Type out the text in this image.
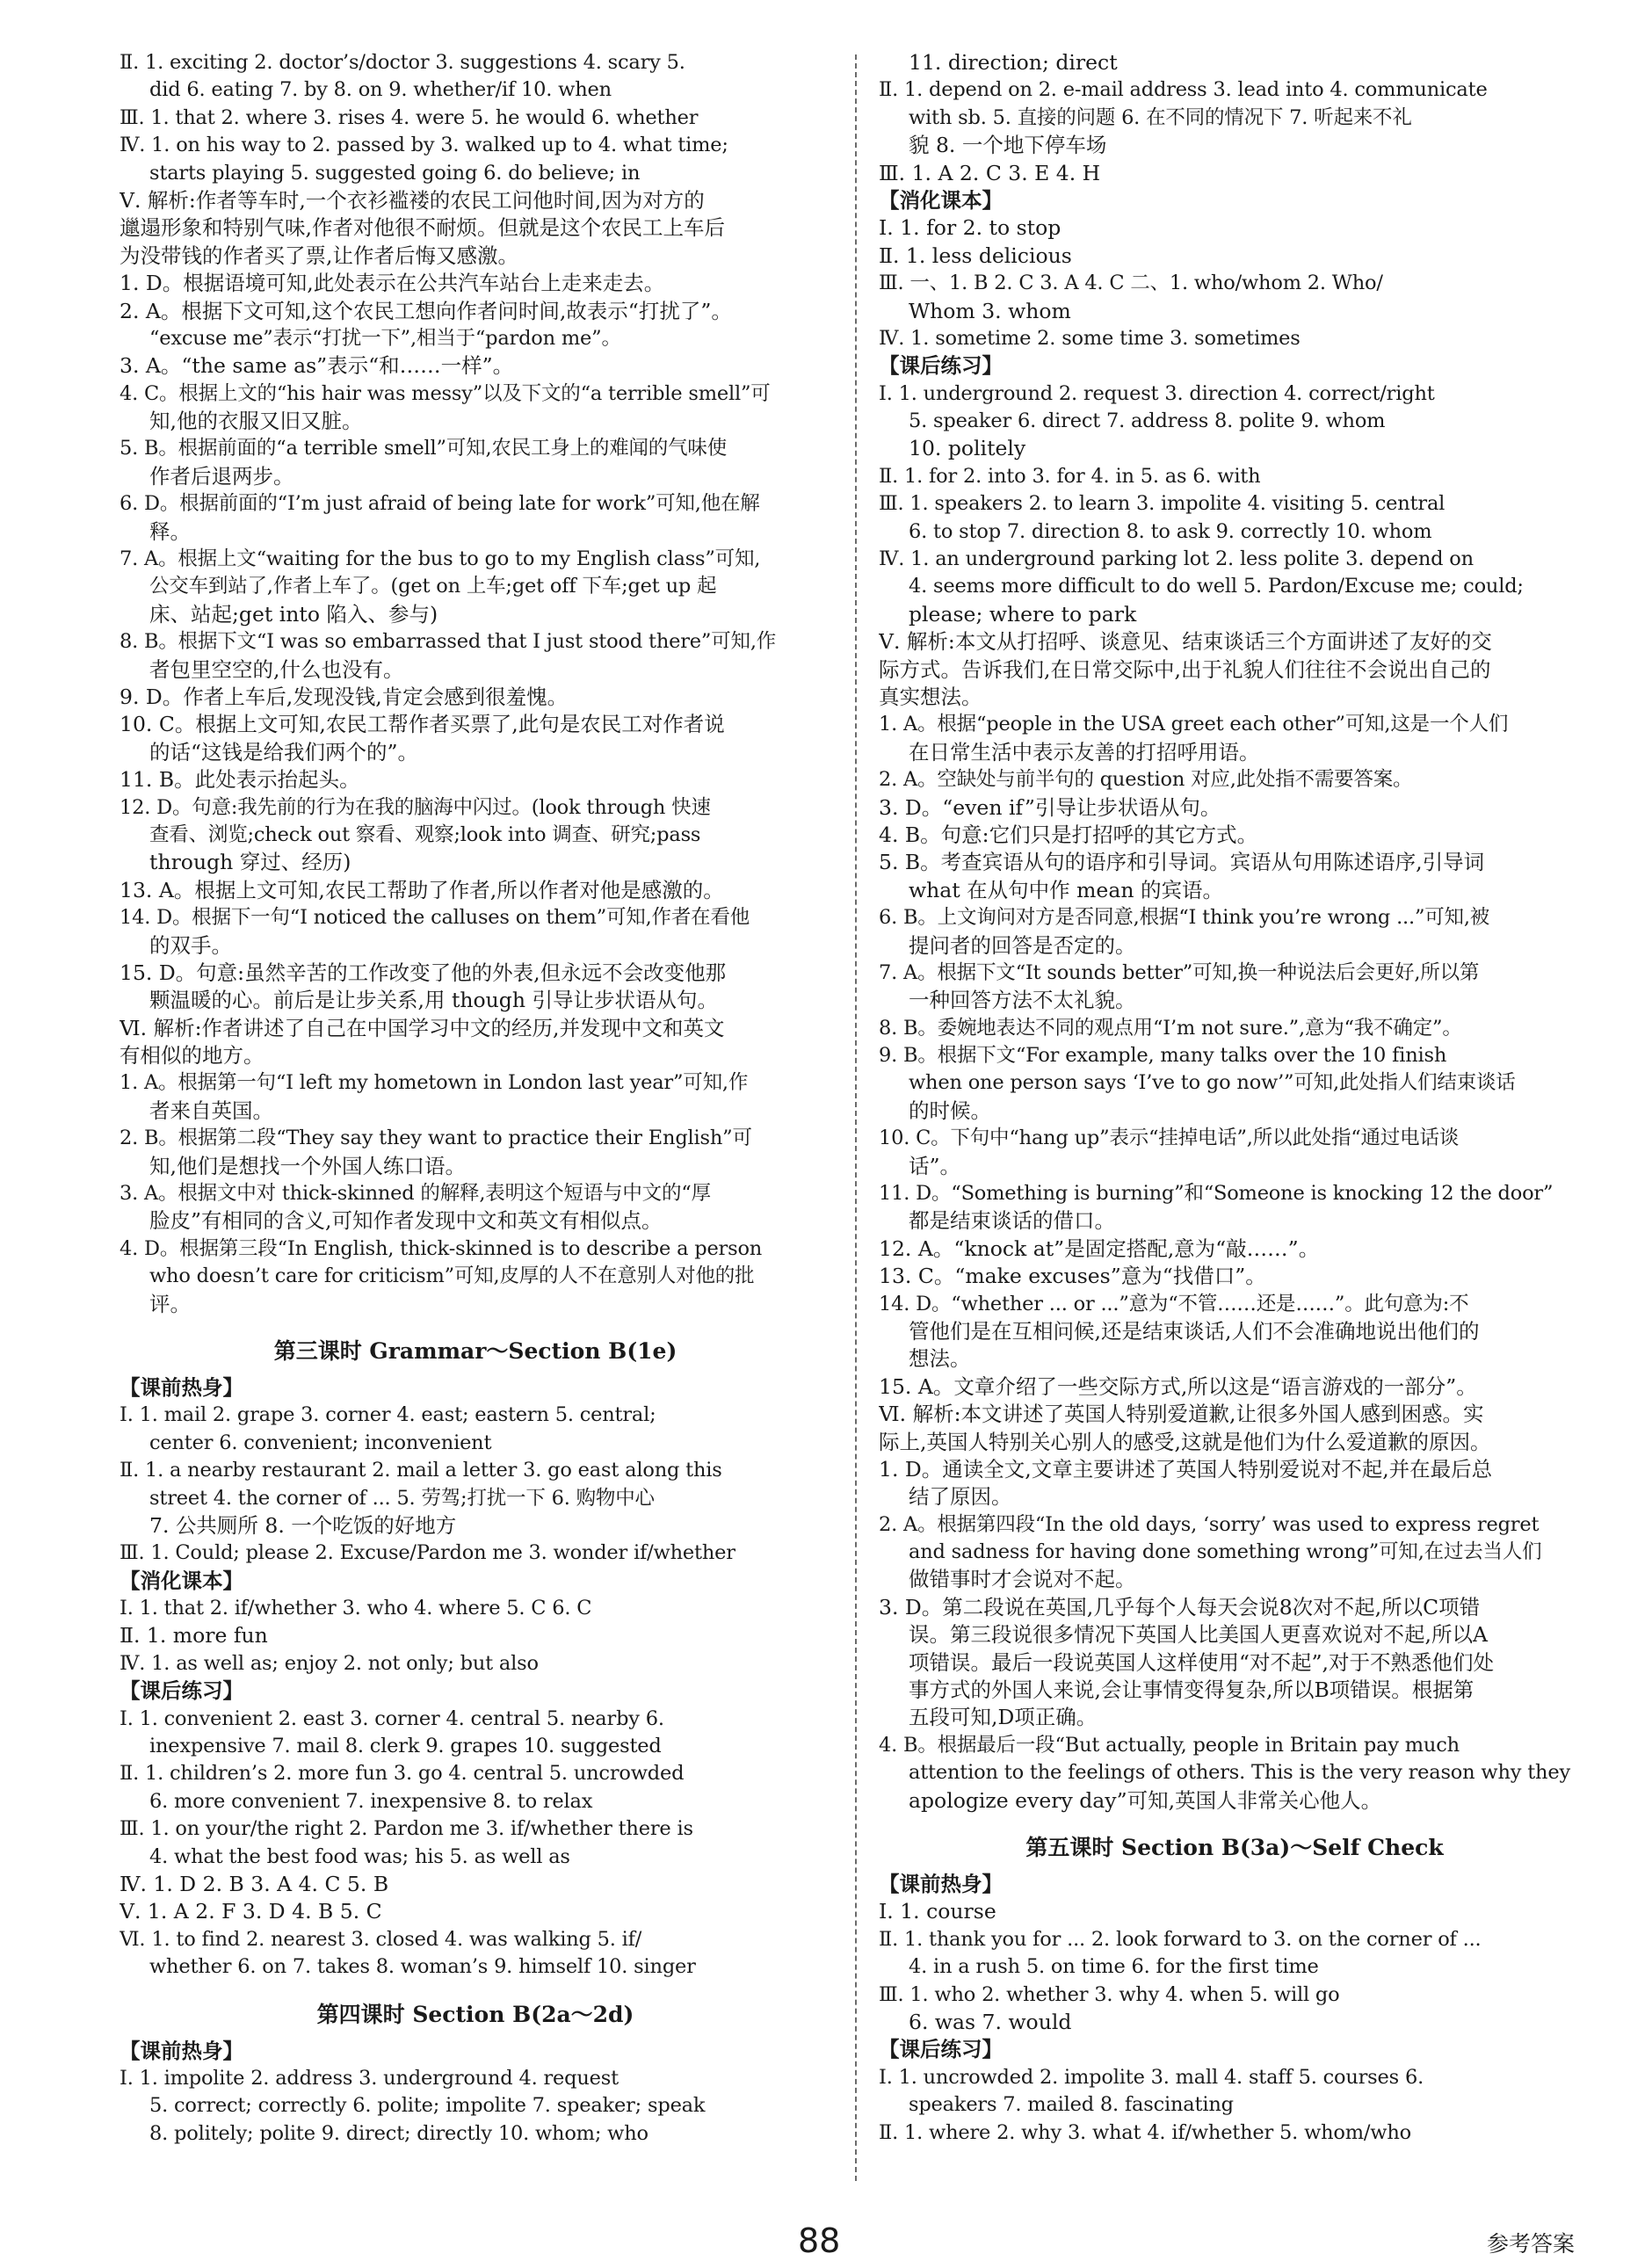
Ⅱ. 1. exciting 2. doctor’s/doctor 3. suggestions 4. scary 5.
did 6. eating 7. by 8. on 9. whether/if 10. when
Ⅲ. 1. that 2. where 3. rises 4. were 5. he would 6. whether
Ⅳ. 1. on his way to 2. passed by 3. walked up to 4. what time;
starts playing 5. suggested going 6. do believe; in
Ⅴ. 解析:作者等车时,一个衣衫褴褛的农民工问他时间,因为对方的
邋遢形象和特别气味,作者对他很不耐烦。但就是这个农民工上车后
为没带钱的作者买了票,让作者后悔又感激。
1. D。根据语境可知,此处表示在公共汽车站台上走来走去。
2. A。根据下文可知,这个农民工想向作者问时间,故表示“打扰了”。
“excuse me”表示“打扰一下”,相当于“pardon me”。
3. A。“the same as”表示“和……一样”。
4. C。根据上文的“his hair was messy”以及下文的“a terrible smell”可
知,他的衣服又旧又脏。
5. B。根据前面的“a terrible smell”可知,农民工身上的难闻的气味使
作者后退两步。
6. D。根据前面的“I’m just afraid of being late for work”可知,他在解
释。
7. A。根据上文“waiting for the bus to go to my English class”可知,
公交车到站了,作者上车了。(get on 上车;get off 下车;get up 起
床、站起;get into 陷入、参与)
8. B。根据下文“I was so embarrassed that I just stood there”可知,作
者包里空空的,什么也没有。
9. D。作者上车后,发现没钱,肯定会感到很羞愧。
10. C。根据上文可知,农民工帮作者买票了,此句是农民工对作者说
的话“这钱是给我们两个的”。
11. B。此处表示抬起头。
12. D。句意:我先前的行为在我的脑海中闪过。(look through 快速
查看、浏览;check out 察看、观察;look into 调查、研究;pass
through 穿过、经历)
13. A。根据上文可知,农民工帮助了作者,所以作者对他是感激的。
14. D。根据下一句“I noticed the calluses on them”可知,作者在看他
的双手。
15. D。句意:虽然辛苦的工作改变了他的外表,但永远不会改变他那
颗温暖的心。前后是让步关系,用 though 引导让步状语从句。
Ⅵ. 解析:作者讲述了自己在中国学习中文的经历,并发现中文和英文
有相似的地方。
1. A。根据第一句“I left my hometown in London last year”可知,作
者来自英国。
2. B。根据第二段“They say they want to practice their English”可
知,他们是想找一个外国人练口语。
3. A。根据文中对 thick-skinned 的解释,表明这个短语与中文的“厚
脸皮”有相同的含义,可知作者发现中文和英文有相似点。
4. D。根据第三段“In English, thick-skinned is to describe a person
who doesn’t care for criticism”可知,皮厚的人不在意别人对他的批
评。
第三课时 Grammar～Section B(1e)
【课前热身】
Ⅰ. 1. mail 2. grape 3. corner 4. east; eastern 5. central;
center 6. convenient; inconvenient
Ⅱ. 1. a nearby restaurant 2. mail a letter 3. go east along this
street 4. the corner of ... 5. 劳驾;打扰一下 6. 购物中心
7. 公共厕所 8. 一个吃饭的好地方
Ⅲ. 1. Could; please 2. Excuse/Pardon me 3. wonder if/whether
【消化课本】
Ⅰ. 1. that 2. if/whether 3. who 4. where 5. C 6. C
Ⅱ. 1. more fun
Ⅳ. 1. as well as; enjoy 2. not only; but also
【课后练习】
Ⅰ. 1. convenient 2. east 3. corner 4. central 5. nearby 6.
inexpensive 7. mail 8. clerk 9. grapes 10. suggested
Ⅱ. 1. children’s 2. more fun 3. go 4. central 5. uncrowded
6. more convenient 7. inexpensive 8. to relax
Ⅲ. 1. on your/the right 2. Pardon me 3. if/whether there is
4. what the best food was; his 5. as well as
Ⅳ. 1. D 2. B 3. A 4. C 5. B
Ⅴ. 1. A 2. F 3. D 4. B 5. C
Ⅵ. 1. to find 2. nearest 3. closed 4. was walking 5. if/
whether 6. on 7. takes 8. woman’s 9. himself 10. singer
第四课时 Section B(2a～2d)
【课前热身】
Ⅰ. 1. impolite 2. address 3. underground 4. request
5. correct; correctly 6. polite; impolite 7. speaker; speak
8. politely; polite 9. direct; directly 10. whom; who
11. direction; direct
Ⅱ. 1. depend on 2. e-mail address 3. lead into 4. communicate
with sb. 5. 直接的问题 6. 在不同的情况下 7. 听起来不礼
貌 8. 一个地下停车场
Ⅲ. 1. A 2. C 3. E 4. H
【消化课本】
Ⅰ. 1. for 2. to stop
Ⅱ. 1. less delicious
Ⅲ. 一、1. B 2. C 3. A 4. C 二、1. who/whom 2. Who/
Whom 3. whom
Ⅳ. 1. sometime 2. some time 3. sometimes
【课后练习】
Ⅰ. 1. underground 2. request 3. direction 4. correct/right
5. speaker 6. direct 7. address 8. polite 9. whom
10. politely
Ⅱ. 1. for 2. into 3. for 4. in 5. as 6. with
Ⅲ. 1. speakers 2. to learn 3. impolite 4. visiting 5. central
6. to stop 7. direction 8. to ask 9. correctly 10. whom
Ⅳ. 1. an underground parking lot 2. less polite 3. depend on
4. seems more difficult to do well 5. Pardon/Excuse me; could;
please; where to park
Ⅴ. 解析:本文从打招呼、谈意见、结束谈话三个方面讲述了友好的交
际方式。告诉我们,在日常交际中,出于礼貌人们往往不会说出自己的
真实想法。
1. A。根据“people in the USA greet each other”可知,这是一个人们
在日常生活中表示友善的打招呼用语。
2. A。空缺处与前半句的 question 对应,此处指不需要答案。
3. D。“even if”引导让步状语从句。
4. B。句意:它们只是打招呼的其它方式。
5. B。考查宾语从句的语序和引导词。宾语从句用陈述语序,引导词
what 在从句中作 mean 的宾语。
6. B。上文询问对方是否同意,根据“I think you’re wrong ...”可知,被
提问者的回答是否定的。
7. A。根据下文“It sounds better”可知,换一种说法后会更好,所以第
一种回答方法不太礼貌。
8. B。委婉地表达不同的观点用“I’m not sure.”,意为“我不确定”。
9. B。根据下文“For example, many talks over the 10 finish
when one person says ‘I’ve to go now’”可知,此处指人们结束谈话
的时候。
10. C。下句中“hang up”表示“挂掉电话”,所以此处指“通过电话谈
话”。
11. D。“Something is burning”和“Someone is knocking 12 the door”
都是结束谈话的借口。
12. A。“knock at”是固定搭配,意为“敲……”。
13. C。“make excuses”意为“找借口”。
14. D。“whether ... or ...”意为“不管……还是……”。此句意为:不
管他们是在互相问候,还是结束谈话,人们不会准确地说出他们的
想法。
15. A。文章介绍了一些交际方式,所以这是“语言游戏的一部分”。
Ⅵ. 解析:本文讲述了英国人特别爱道歉,让很多外国人感到困惑。实
际上,英国人特别关心别人的感受,这就是他们为什么爱道歉的原因。
1. D。通读全文,文章主要讲述了英国人特别爱说对不起,并在最后总
结了原因。
2. A。根据第四段“In the old days, ‘sorry’ was used to express regret
and sadness for having done something wrong”可知,在过去当人们
做错事时才会说对不起。
3. D。第二段说在英国,几乎每个人每天会说8次对不起,所以C项错
误。第三段说很多情况下英国人比美国人更喜欢说对不起,所以A
项错误。最后一段说英国人这样使用“对不起”,对于不熟悉他们处
事方式的外国人来说,会让事情变得复杂,所以B项错误。根据第
五段可知,D项正确。
4. B。根据最后一段“But actually, people in Britain pay much
attention to the feelings of others. This is the very reason why they
apologize every day”可知,英国人非常关心他人。
第五课时 Section B(3a)～Self Check
【课前热身】
Ⅰ. 1. course
Ⅱ. 1. thank you for ... 2. look forward to 3. on the corner of ...
4. in a rush 5. on time 6. for the first time
Ⅲ. 1. who 2. whether 3. why 4. when 5. will go
6. was 7. would
【课后练习】
Ⅰ. 1. uncrowded 2. impolite 3. mall 4. staff 5. courses 6.
speakers 7. mailed 8. fascinating
Ⅱ. 1. where 2. why 3. what 4. if/whether 5. whom/who
88	参考答案
